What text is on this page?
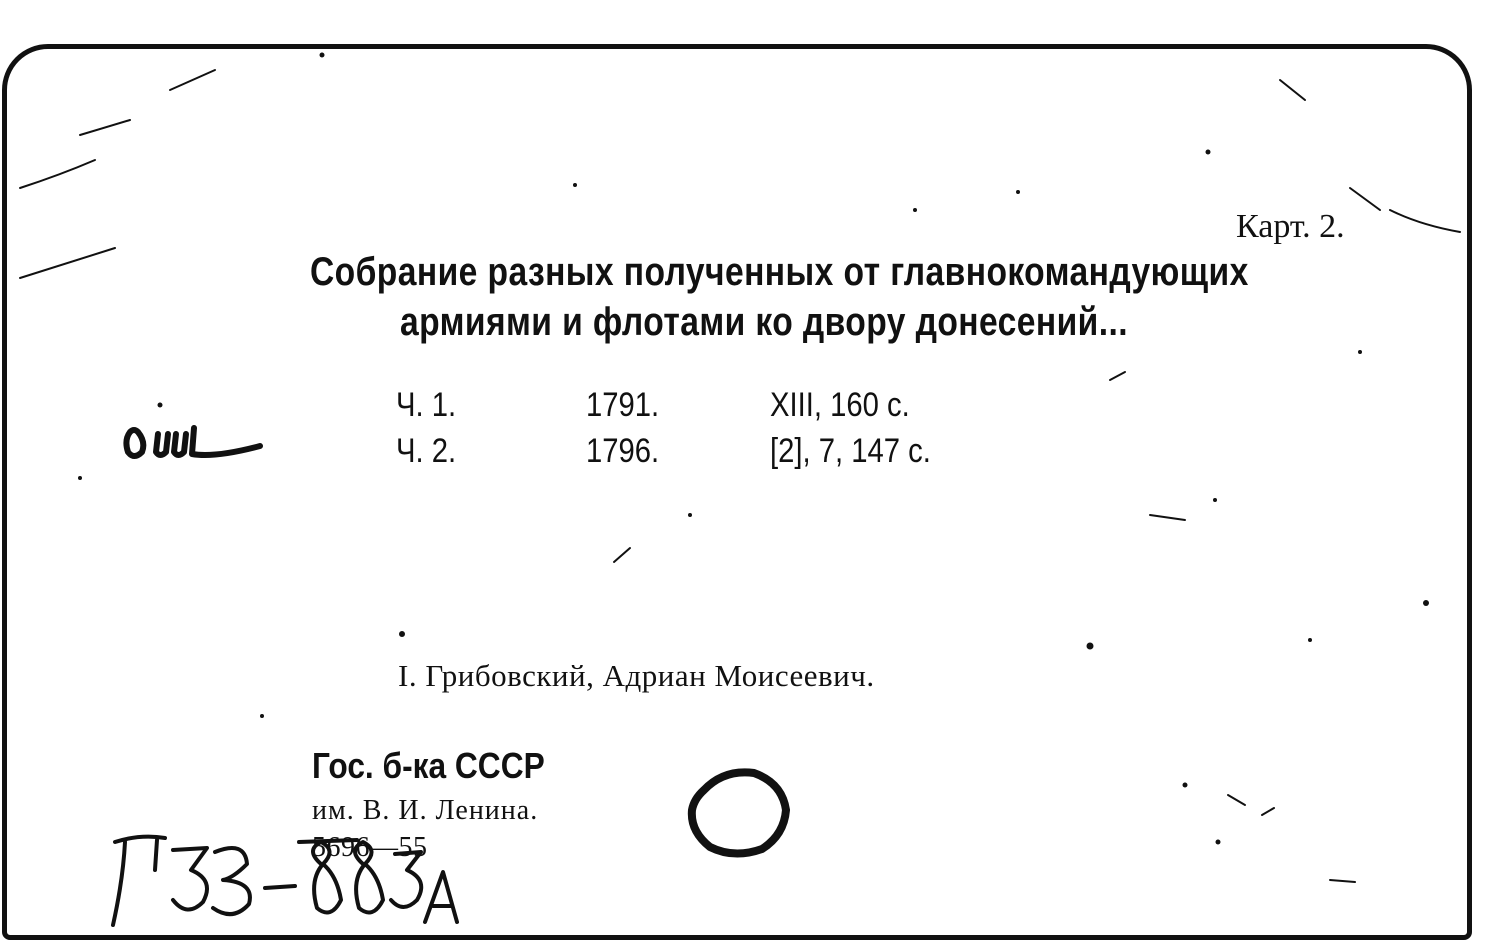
Карт. 2.
Собрание разных полученных от главнокомандующих
армиями и флотами ко двору донесений...
Ч. 1.	1791.	XIII, 160 с.
Ч. 2.	1796.	[2], 7, 147 с.
I. Грибовский, Адриан Моисеевич.
Гос. б-ка СССР
им. В. И. Ленина.
5696—55
